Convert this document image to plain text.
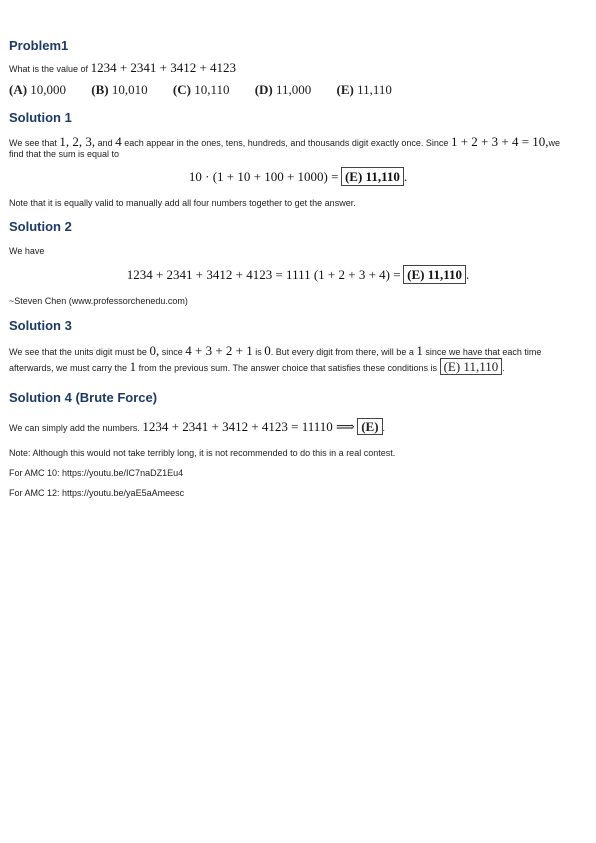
Problem1
What is the value of 1234 + 2341 + 3412 + 4123
(A) 10,000 (B) 10,010 (C) 10,110 (D) 11,000 (E) 11,110
Solution 1
We see that 1, 2, 3, and 4 each appear in the ones, tens, hundreds, and thousands digit exactly once. Since 1 + 2 + 3 + 4 = 10,we
find that the sum is equal to
10 · (1 + 10 + 100 + 1000) = (E) 11,110 .
Note that it is equally valid to manually add all four numbers together to get the answer.
Solution 2
We have
1234 + 2341 + 3412 + 4123 = 1111 (1 + 2 + 3 + 4) = (E) 11,110 .
~Steven Chen (www.professorchenedu.com)
Solution 3
We see that the units digit must be 0, since 4 + 3 + 2 + 1 is 0. But every digit from there, will be a 1 since we have that each time
afterwards, we must carry the 1 from the previous sum. The answer choice that satisfies these conditions is (E) 11,110 .
Solution 4 (Brute Force)
We can simply add the numbers. 1234 + 2341 + 3412 + 4123 = 11110 ⟹ (E) .
Note: Although this would not take terribly long, it is not recommended to do this in a real contest.
For AMC 10: https://youtu.be/IC7naDZ1Eu4
For AMC 12: https://youtu.be/yaE5aAmeesc
